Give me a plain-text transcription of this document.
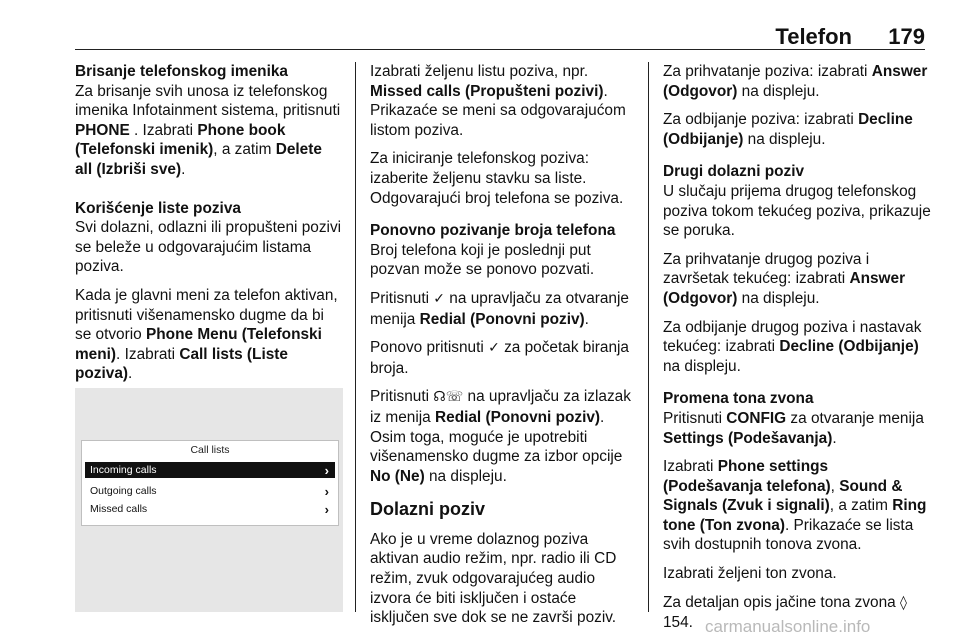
Telefon 179

Brisanje telefonskog imenika

Za brisanje svih unosa iz telefonskog imenika Infotainment sistema, pritisnuti PHONE . Izabrati Phone book (Telefonski imenik), a zatim Delete all (Izbriši sve).

Korišćenje liste poziva

Svi dolazni, odlazni ili propušteni pozivi se beleže u odgovarajućim listama poziva.

Kada je glavni meni za telefon aktivan, pritisnuti višenamensko dugme da bi se otvorio Phone Menu (Telefonski meni). Izabrati Call lists (Liste poziva).

Call lists
Incoming calls	›
Outgoing calls	›
Missed calls	›

Izabrati željenu listu poziva, npr. Missed calls (Propušteni pozivi). Prikazaće se meni sa odgovarajućom listom poziva.

Za iniciranje telefonskog poziva: izaberite željenu stavku sa liste. Odgovarajući broj telefona se poziva.

Ponovno pozivanje broja telefona

Broj telefona koji je poslednji put pozvan može se ponovo pozvati.

Pritisnuti ✓ na upravljaču za otvaranje menija Redial (Ponovni poziv).

Ponovo pritisnuti ✓ za početak biranja broja.

Pritisnuti ☊☏ na upravljaču za izlazak iz menija Redial (Ponovni poziv). Osim toga, moguće je upotrebiti višenamensko dugme za izbor opcije No (Ne) na displeju.

Dolazni poziv

Ako je u vreme dolaznog poziva aktivan audio režim, npr. radio ili CD režim, zvuk odgovarajućeg audio izvora će biti isključen i ostaće isključen sve dok se ne završi poziv.

Za prihvatanje poziva: izabrati Answer (Odgovor) na displeju.

Za odbijanje poziva: izabrati Decline (Odbijanje) na displeju.

Drugi dolazni poziv

U slučaju prijema drugog telefonskog poziva tokom tekućeg poziva, prikazuje se poruka.

Za prihvatanje drugog poziva i završetak tekućeg: izabrati Answer (Odgovor) na displeju.

Za odbijanje drugog poziva i nastavak tekućeg: izabrati Decline (Odbijanje) na displeju.

Promena tona zvona

Pritisnuti CONFIG za otvaranje menija Settings (Podešavanja).

Izabrati Phone settings (Podešavanja telefona), Sound & Signals (Zvuk i signali), a zatim Ring tone (Ton zvona). Prikazaće se lista svih dostupnih tonova zvona.

Izabrati željeni ton zvona.

Za detaljan opis jačine tona zvona ◊ 154. carmanualsonline.info
